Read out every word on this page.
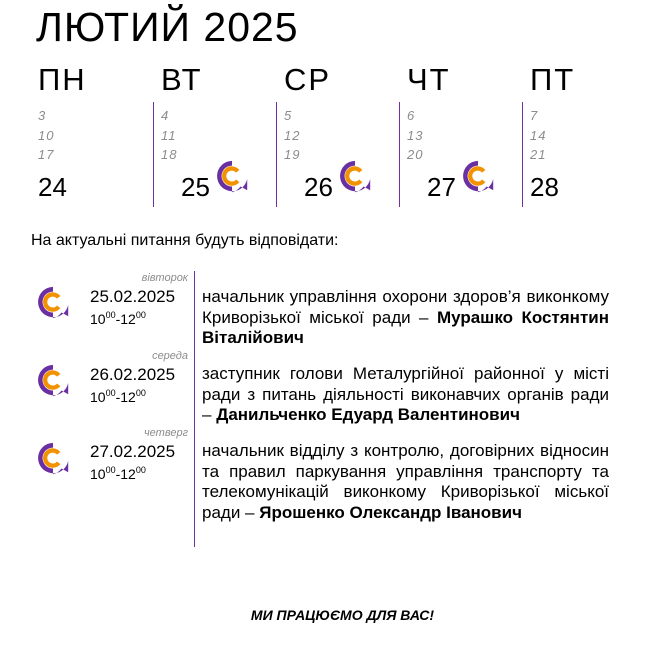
ЛЮТИЙ 2025
ПН
3
10
17
24
ВТ
4
11
18
25
СР
5
12
19
26
ЧТ
6
13
20
27
ПТ
7
14
21
28
На актуальні питання будуть відповідати:
вівторок
25.02.2025
$10^{00}-12^{00}$
начальник управління охорони здоров’я виконкому Криворізької міської ради – Мурашко Костянтин Віталійович
середа
26.02.2025
$10^{00}-12^{00}$
заступник голови Металургійної районної у місті ради з питань діяльності виконавчих органів ради – Данильченко Едуард Валентинович
четверг
27.02.2025
$10^{00}-12^{00}$
начальник відділу з контролю, договірних відносин та правил паркування управління транспорту та телекомунікацій виконкому Криворізької міської ради – Ярошенко Олександр Іванович
МИ ПРАЦЮЄМО ДЛЯ ВАС!
